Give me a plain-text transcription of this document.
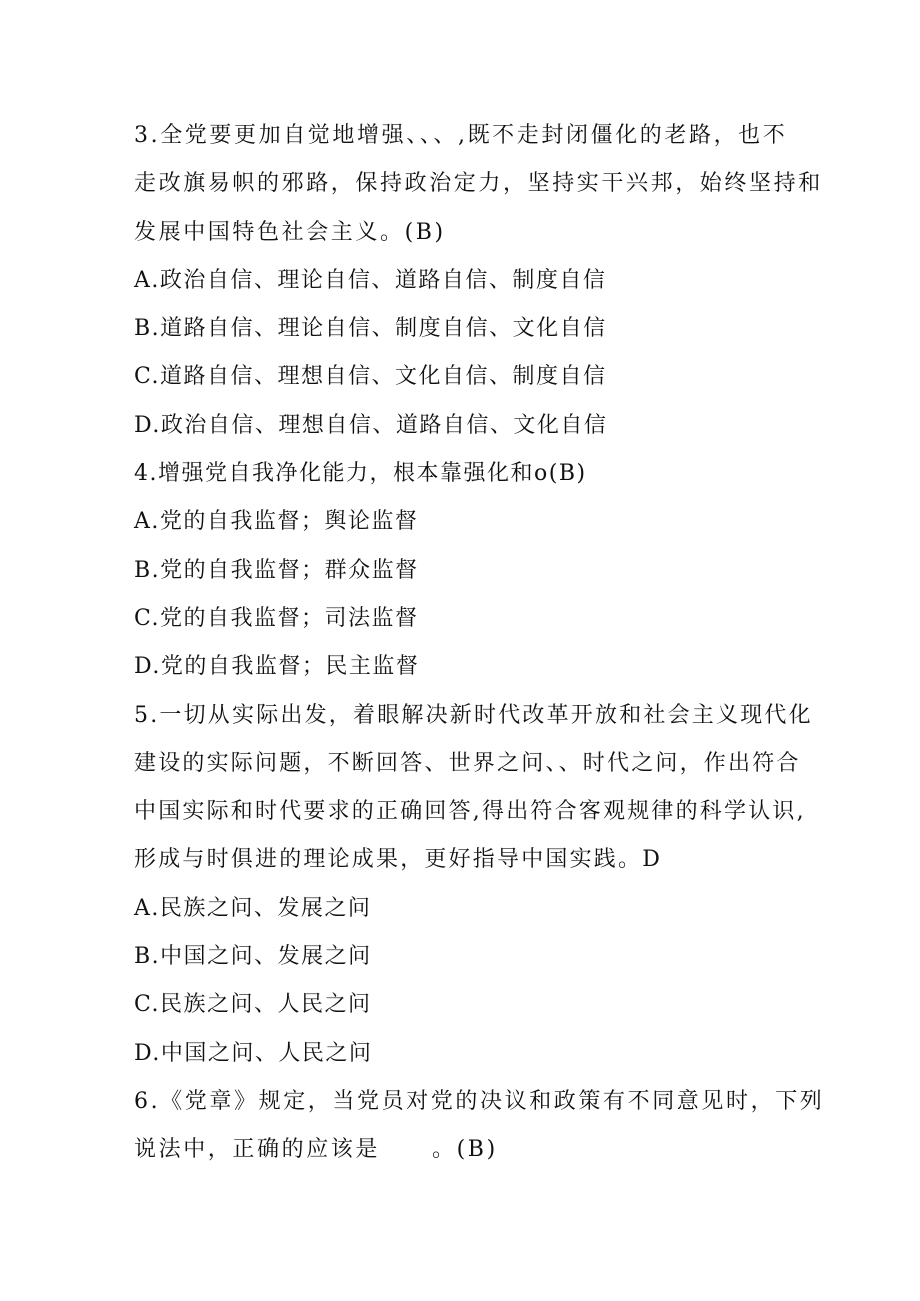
3.全党要更加自觉地增强、、、,既不走封闭僵化的老路，也不
走改旗易帜的邪路，保持政治定力，坚持实干兴邦，始终坚持和
发展中国特色社会主义。(B)
A.政治自信、理论自信、道路自信、制度自信
B.道路自信、理论自信、制度自信、文化自信
C.道路自信、理想自信、文化自信、制度自信
D.政治自信、理想自信、道路自信、文化自信
4.增强党自我净化能力，根本靠强化和o(B)
A.党的自我监督；舆论监督
B.党的自我监督；群众监督
C.党的自我监督；司法监督
D.党的自我监督；民主监督
5.一切从实际出发，着眼解决新时代改革开放和社会主义现代化
建设的实际问题，不断回答、世界之问、、时代之问，作出符合
中国实际和时代要求的正确回答,得出符合客观规律的科学认识,
形成与时俱进的理论成果，更好指导中国实践。D
A.民族之问、发展之问
B.中国之问、发展之问
C.民族之问、人民之问
D.中国之问、人民之问
6.《党章》规定，当党员对党的决议和政策有不同意见时，下列
说法中，正确的应该是 。(B)
